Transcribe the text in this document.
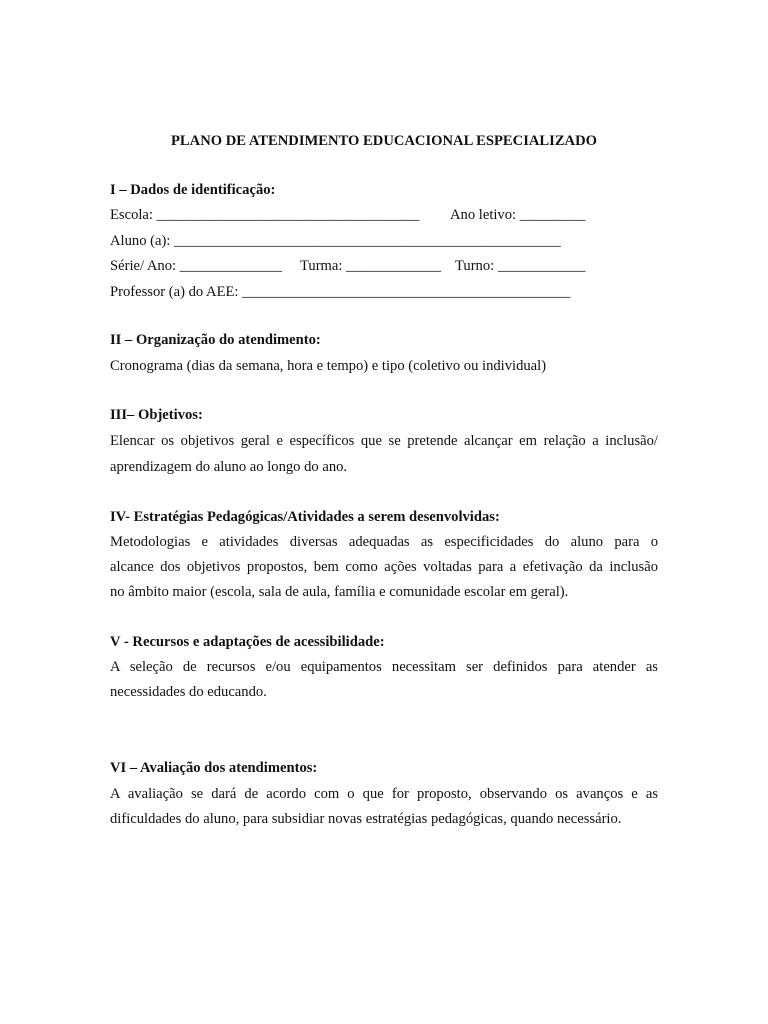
PLANO DE ATENDIMENTO EDUCACIONAL ESPECIALIZADO
I – Dados de identificação:
Escola: ____________________________________ Ano letivo: _________
Aluno (a): _____________________________________________________
Série/ Ano: ______________ Turma: _____________ Turno: ____________
Professor (a) do AEE: _____________________________________________
II – Organização do atendimento:
Cronograma (dias da semana, hora e tempo) e tipo (coletivo ou individual)
III– Objetivos:
Elencar os objetivos geral e específicos que se pretende alcançar em relação a inclusão/
aprendizagem do aluno ao longo do ano.
IV- Estratégias Pedagógicas/Atividades a serem desenvolvidas:
Metodologias e atividades diversas adequadas as especificidades do aluno para o
alcance dos objetivos propostos, bem como ações voltadas para a efetivação da inclusão
no âmbito maior (escola, sala de aula, família e comunidade escolar em geral).
V - Recursos e adaptações de acessibilidade:
A seleção de recursos e/ou equipamentos necessitam ser definidos para atender as
necessidades do educando.
VI – Avaliação dos atendimentos:
A avaliação se dará de acordo com o que for proposto, observando os avanços e as
dificuldades do aluno, para subsidiar novas estratégias pedagógicas, quando necessário.
